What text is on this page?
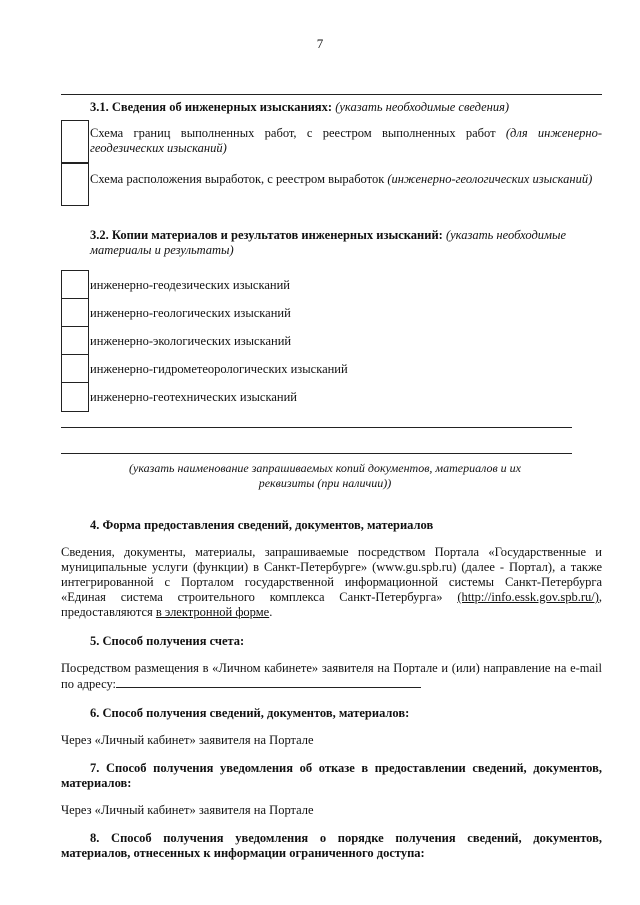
7
3.1. Сведения об инженерных изысканиях: (указать необходимые сведения)
Схема границ выполненных работ, с реестром выполненных работ (для инженерно-геодезических изысканий)
Схема расположения выработок, с реестром выработок (инженерно-геологических изысканий)
3.2. Копии материалов и результатов инженерных изысканий: (указать необходимые материалы и результаты)
инженерно-геодезических изысканий
инженерно-геологических изысканий
инженерно-экологических изысканий
инженерно-гидрометеорологических изысканий
инженерно-геотехнических изысканий
(указать наименование запрашиваемых копий документов, материалов и их реквизиты (при наличии))
4. Форма предоставления сведений, документов, материалов
Сведения, документы, материалы, запрашиваемые посредством Портала «Государственные и муниципальные услуги (функции) в Санкт-Петербурге» (www.gu.spb.ru) (далее - Портал), а также интегрированной с Порталом государственной информационной системы Санкт-Петербурга «Единая система строительного комплекса Санкт-Петербурга» (http://info.essk.gov.spb.ru/), предоставляются в электронной форме.
5. Способ получения счета:
Посредством размещения в «Личном кабинете» заявителя на Портале и (или) направление на e-mail по адресу:
6. Способ получения сведений, документов, материалов:
Через «Личный кабинет» заявителя на Портале
7. Способ получения уведомления об отказе в предоставлении сведений, документов, материалов:
Через «Личный кабинет» заявителя на Портале
8. Способ получения уведомления о порядке получения сведений, документов, материалов, отнесенных к информации ограниченного доступа:
